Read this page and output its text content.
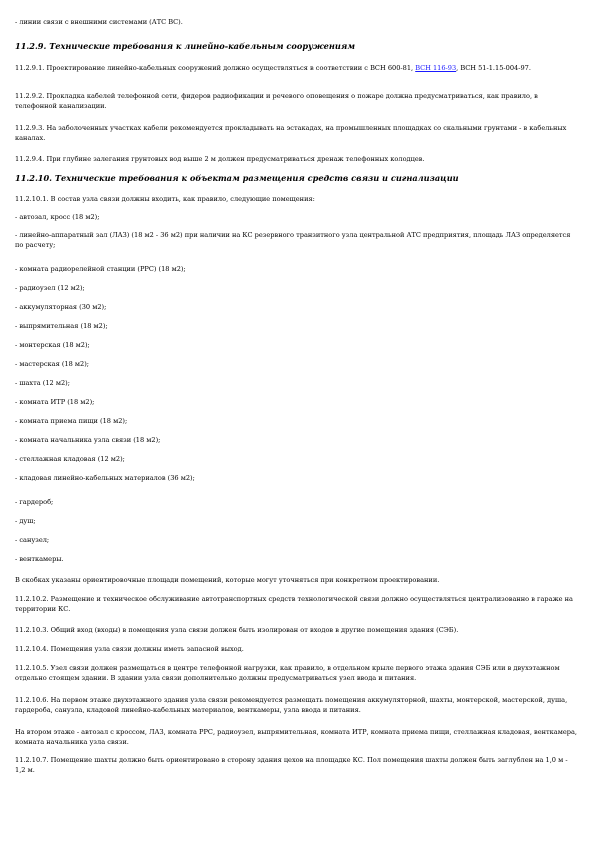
- линии связи с внешними системами (АТС ВС).
11.2.9. Технические требования к линейно-кабельным сооружениям
11.2.9.1. Проектирование линейно-кабельных сооружений должно осуществляться в соответствии с ВСН 600-81, ВСН 116-93, ВСН 51-1.15-004-97.
11.2.9.2. Прокладка кабелей телефонной сети, фидеров радиофикации и речевого оповещения о пожаре должна предусматриваться, как правило, в телефонной канализации.
11.2.9.3. На заболоченных участках кабели рекомендуется прокладывать на эстакадах, на промышленных площадках со скальными грунтами - в кабельных каналах.
11.2.9.4. При глубине залегания грунтовых вод выше 2 м должен предусматриваться дренаж телефонных колодцев.
11.2.10. Технические требования к объектам размещения средств связи и сигнализации
11.2.10.1. В состав узла связи должны входить, как правило, следующие помещения:
- автозал, кросс (18 м2);
- линейно-аппаратный зал (ЛАЗ) (18 м2 - 36 м2) при наличии на КС резервного транзитного узла центральной АТС предприятия, площадь ЛАЗ определяется по расчету;
- комната радиорелейной станции (РРС) (18 м2);
- радиоузел (12 м2);
- аккумуляторная (30 м2);
- выпрямительная (18 м2);
- монтерская (18 м2);
- мастерская (18 м2);
- шахта (12 м2);
- комната ИТР (18 м2);
- комната приема пищи (18 м2);
- комната начальника узла связи (18 м2);
- стеллажная кладовая (12 м2);
- кладовая линейно-кабельных материалов (36 м2);
- гардероб;
- душ;
- санузел;
- венткамеры.
В скобках указаны ориентировочные площади помещений, которые могут уточняться при конкретном проектировании.
11.2.10.2. Размещение и техническое обслуживание автотранспортных средств технологической связи должно осуществляться централизованно в гараже на территории КС.
11.2.10.3. Общий вход (входы) в помещения узла связи должен быть изолирован от входов в другие помещения здания (СЭБ).
11.2.10.4. Помещения узла связи должны иметь запасной выход.
11.2.10.5. Узел связи должен размещаться в центре телефонной нагрузки, как правило, в отдельном крыле первого этажа здания СЭБ или в двухэтажном отдельно стоящем здании. В здании узла связи дополнительно должны предусматриваться узел ввода и питания.
11.2.10.6. На первом этаже двухэтажного здания узла связи рекомендуется размещать помещения аккумуляторной, шахты, монтерской, мастерской, душа, гардероба, санузла, кладовой линейно-кабельных материалов, венткамеры, узла ввода и питания.
На втором этаже - автозал с кроссом, ЛАЗ, комната РРС, радиоузел, выпрямительная, комната ИТР, комната приема пищи, стеллажная кладовая, венткамера, комната начальника узла связи.
11.2.10.7. Помещение шахты должно быть ориентировано в сторону здания цехов на площадке КС. Пол помещения шахты должен быть заглублен на 1,0 м - 1,2 м.
